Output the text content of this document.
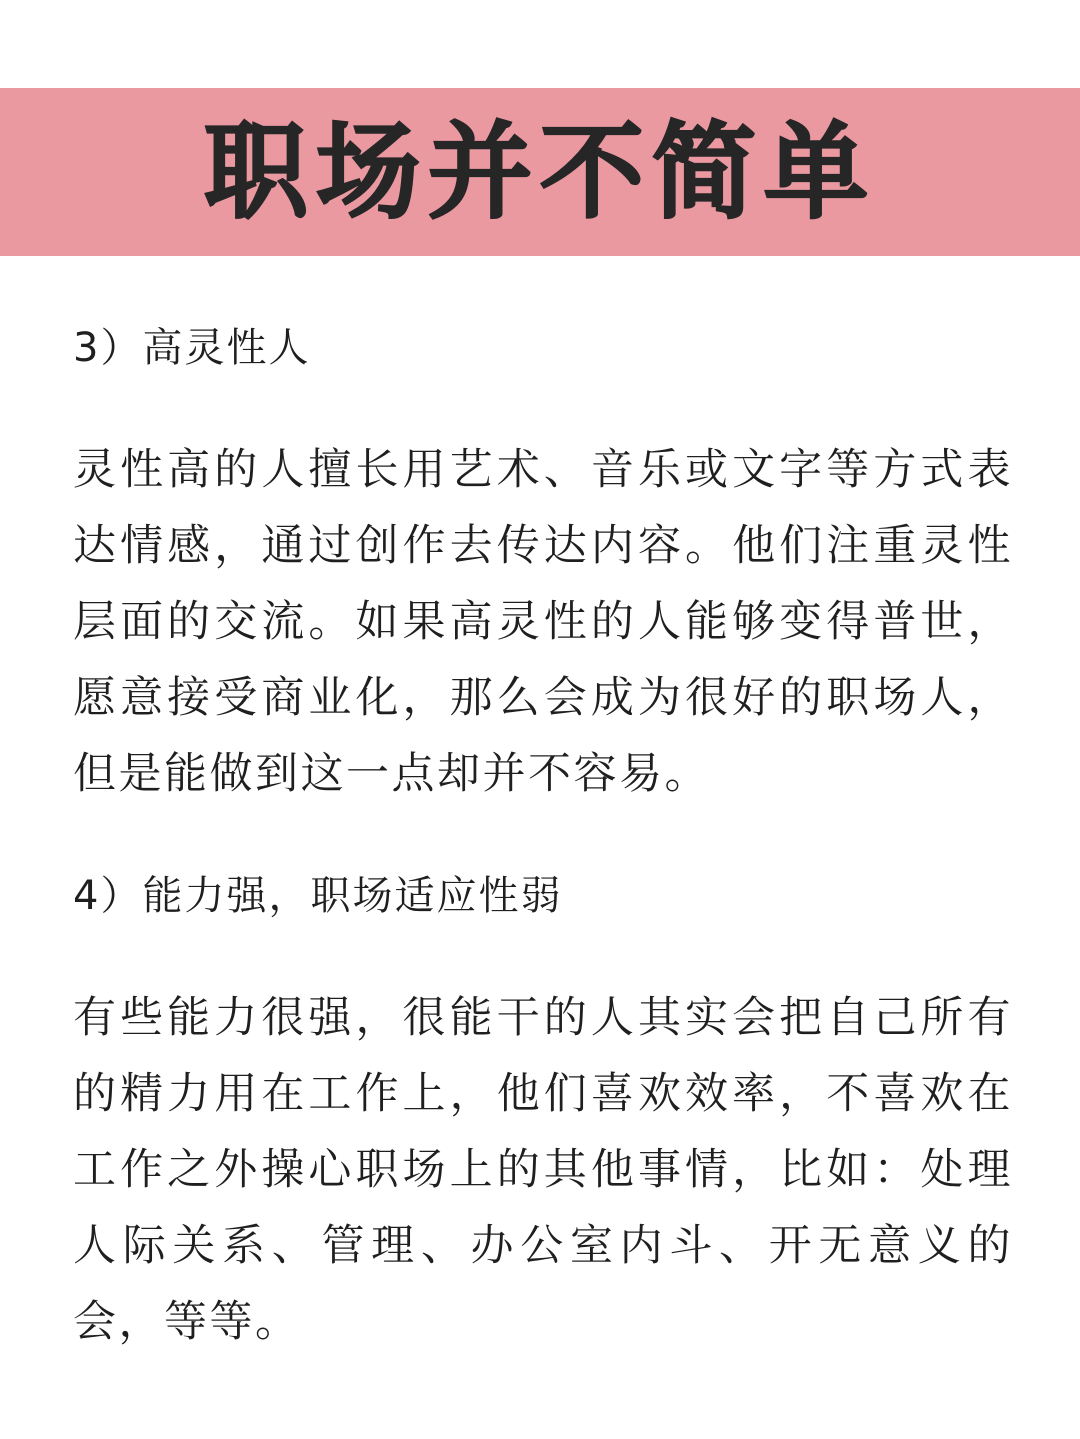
职场并不简单

3）高灵性人

灵性高的人擅长用艺术、音乐或文字等方式表达情感，通过创作去传达内容。他们注重灵性层面的交流。如果高灵性的人能够变得普世，愿意接受商业化，那么会成为很好的职场人，但是能做到这一点却并不容易。

4）能力强，职场适应性弱

有些能力很强，很能干的人其实会把自己所有的精力用在工作上，他们喜欢效率，不喜欢在工作之外操心职场上的其他事情，比如：处理人际关系、管理、办公室内斗、开无意义的会，等等。
